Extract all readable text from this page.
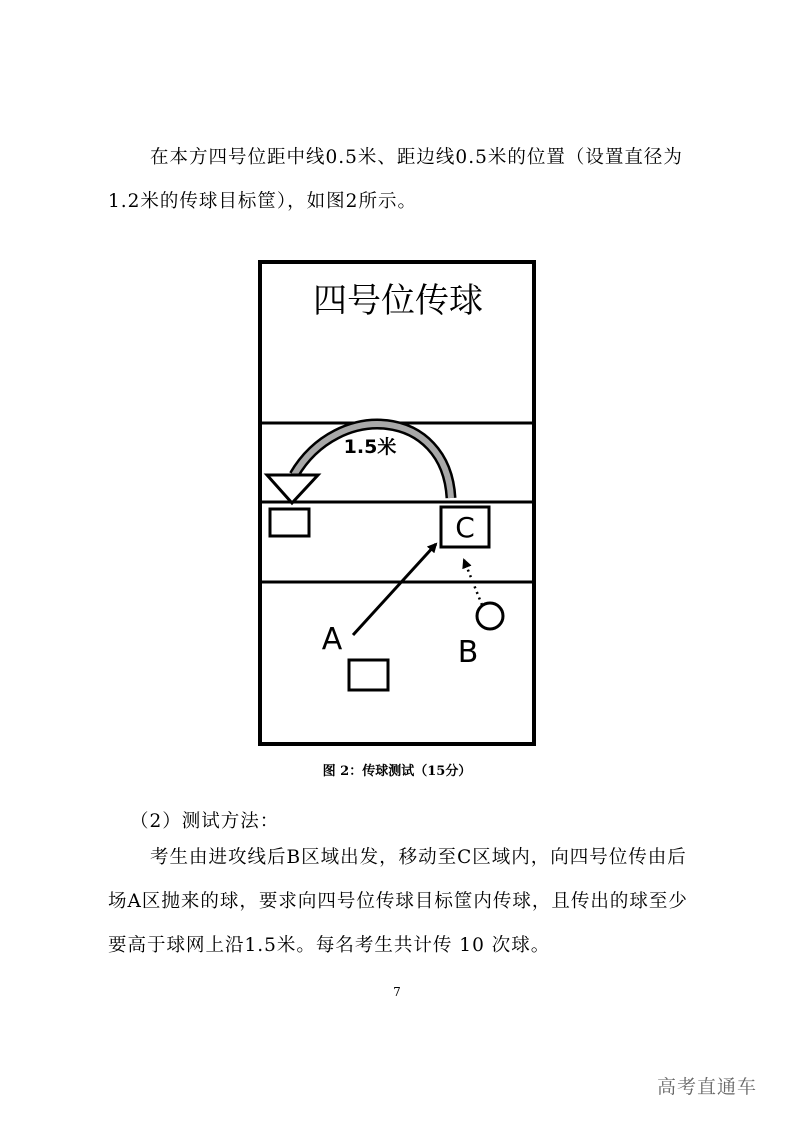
在本方四号位距中线0.5米、距边线0.5米的位置（设置直径为1.2米的传球目标筐），如图2所示。

四号位传球
1.5米
C
A	B
图 2：传球测试（15分）

（2）测试方法：

考生由进攻线后B区域出发，移动至C区域内，向四号位传由后场A区抛来的球，要求向四号位传球目标筐内传球，且传出的球至少要高于球网上沿1.5米。每名考生共计传 10 次球。

7
高考直通车
